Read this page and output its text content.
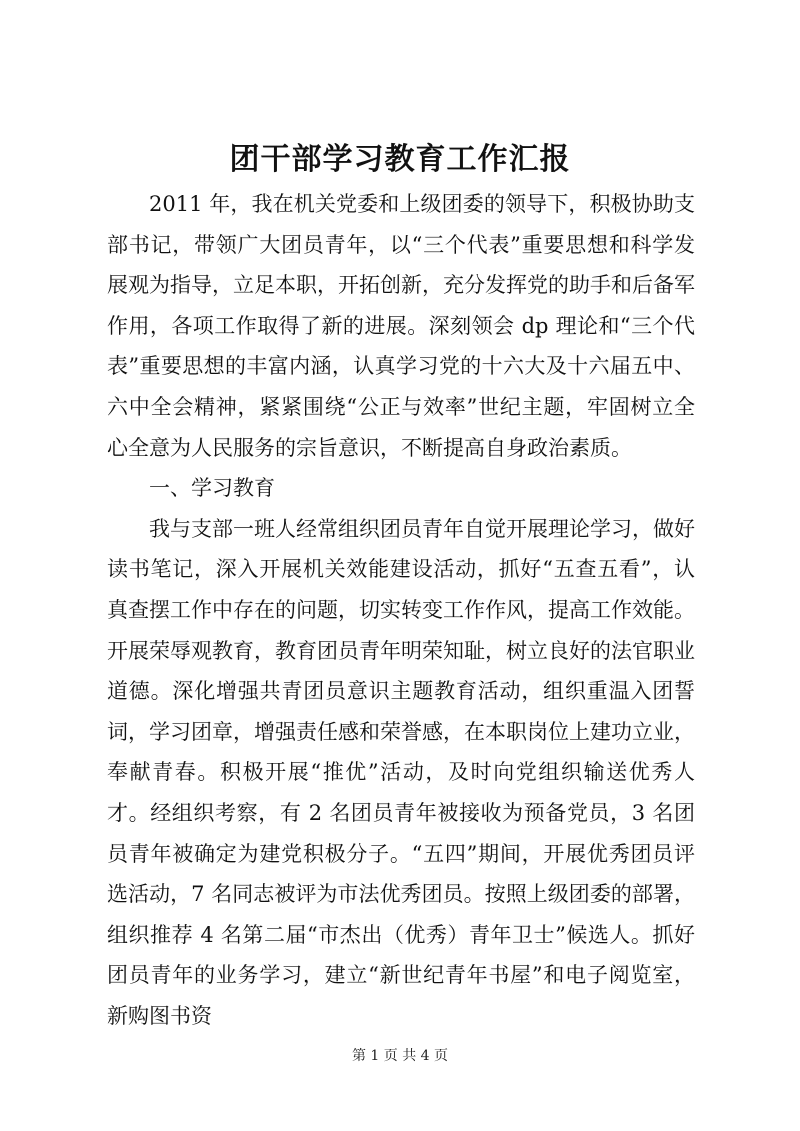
团干部学习教育工作汇报

2011 年，我在机关党委和上级团委的领导下，积极协助支部书记，带领广大团员青年，以“三个代表”重要思想和科学发展观为指导，立足本职，开拓创新，充分发挥党的助手和后备军作用，各项工作取得了新的进展。深刻领会 dp 理论和“三个代表”重要思想的丰富内涵，认真学习党的十六大及十六届五中、六中全会精神，紧紧围绕“公正与效率”世纪主题，牢固树立全心全意为人民服务的宗旨意识，不断提高自身政治素质。

一、学习教育

我与支部一班人经常组织团员青年自觉开展理论学习，做好读书笔记，深入开展机关效能建设活动，抓好“五查五看”，认真查摆工作中存在的问题，切实转变工作作风，提高工作效能。开展荣辱观教育，教育团员青年明荣知耻，树立良好的法官职业道德。深化增强共青团员意识主题教育活动，组织重温入团誓词，学习团章，增强责任感和荣誉感，在本职岗位上建功立业，奉献青春。积极开展“推优”活动，及时向党组织输送优秀人才。经组织考察，有 2 名团员青年被接收为预备党员，3 名团员青年被确定为建党积极分子。“五四”期间，开展优秀团员评选活动，7 名同志被评为市法优秀团员。按照上级团委的部署，组织推荐 4 名第二届“市杰出（优秀）青年卫士”候选人。抓好团员青年的业务学习，建立“新世纪青年书屋”和电子阅览室，新购图书资

第 1 页 共 4 页
